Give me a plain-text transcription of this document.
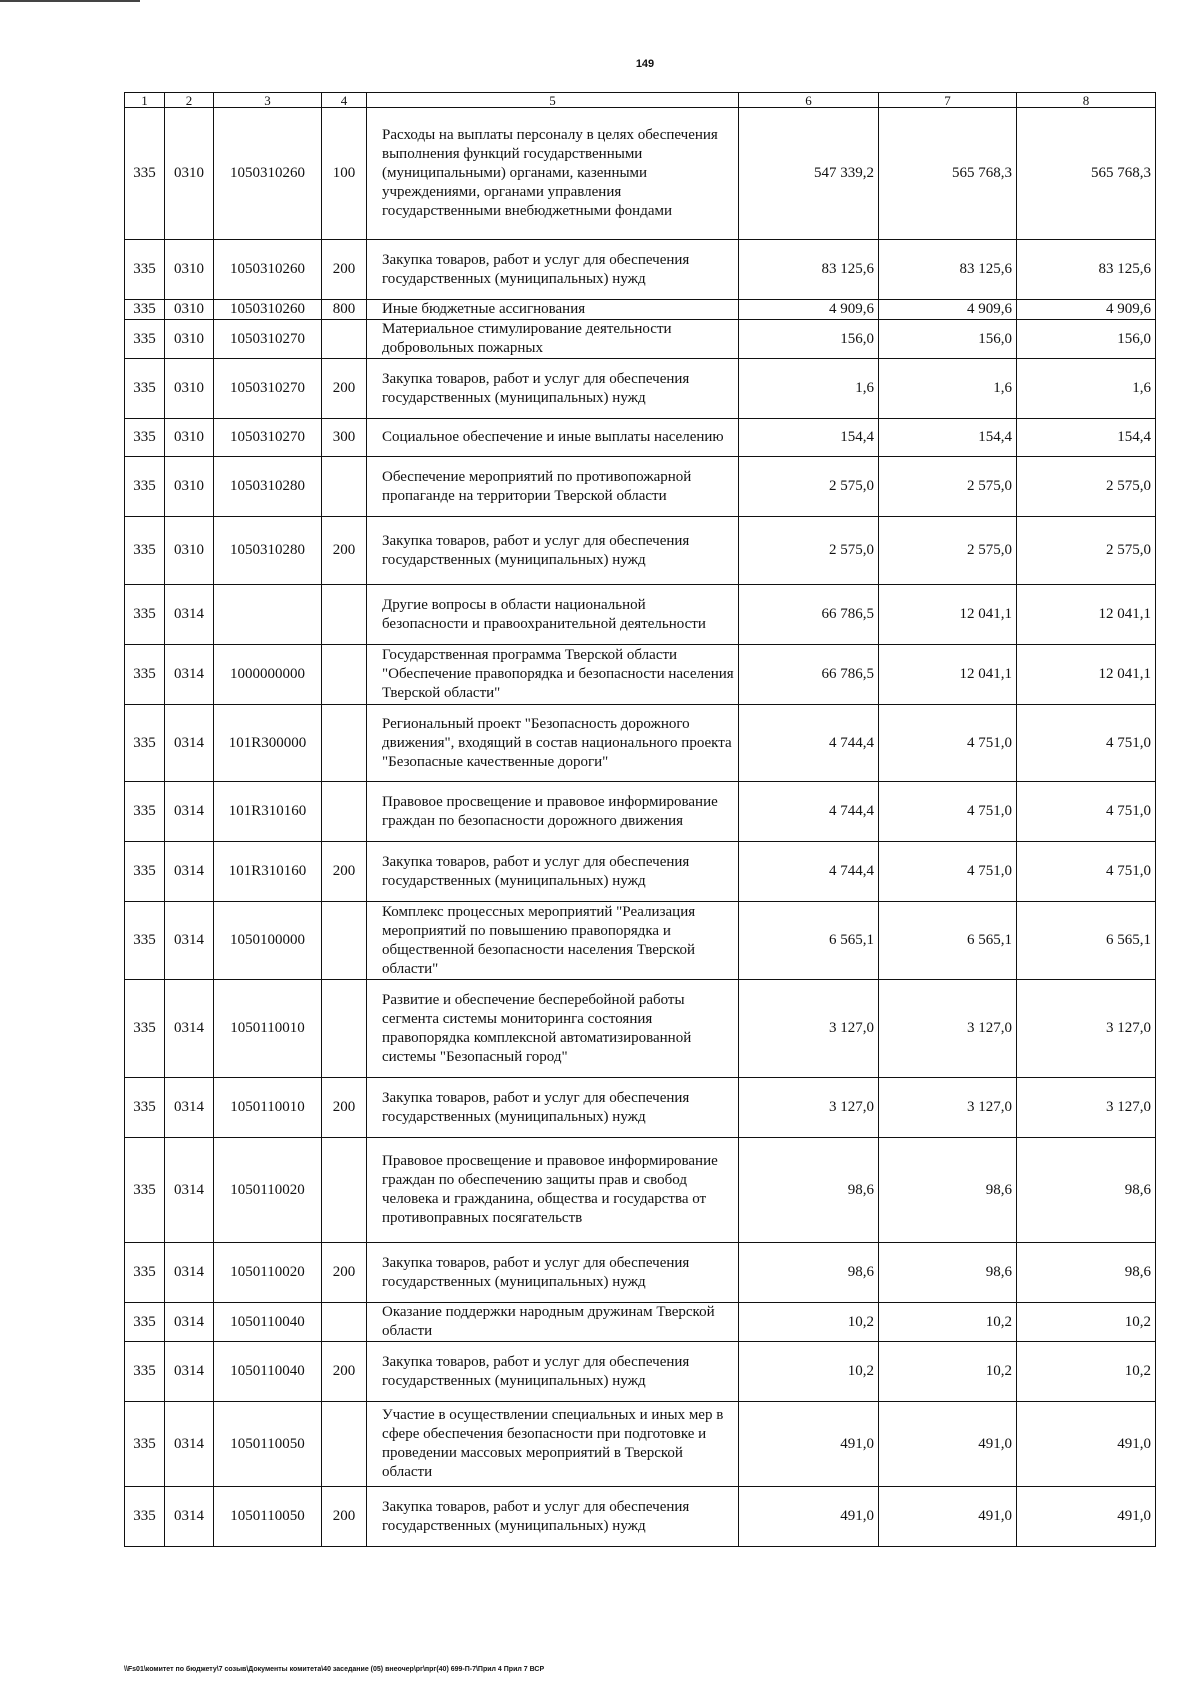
149
1	2	3	4	5	6	7	8
335	0310	1050310260	100	Расходы на выплаты персоналу в целях обеспечения выполнения функций государственными (муниципальными) органами, казенными учреждениями, органами управления государственными внебюджетными фондами	547 339,2	565 768,3	565 768,3
335	0310	1050310260	200	Закупка товаров, работ и услуг для обеспечения государственных (муниципальных) нужд	83 125,6	83 125,6	83 125,6
335	0310	1050310260	800	Иные бюджетные ассигнования	4 909,6	4 909,6	4 909,6
335	0310	1050310270		Материальное стимулирование деятельности добровольных пожарных	156,0	156,0	156,0
335	0310	1050310270	200	Закупка товаров, работ и услуг для обеспечения государственных (муниципальных) нужд	1,6	1,6	1,6
335	0310	1050310270	300	Социальное обеспечение и иные выплаты населению	154,4	154,4	154,4
335	0310	1050310280		Обеспечение мероприятий по противопожарной пропаганде на территории Тверской области	2 575,0	2 575,0	2 575,0
335	0310	1050310280	200	Закупка товаров, работ и услуг для обеспечения государственных (муниципальных) нужд	2 575,0	2 575,0	2 575,0
335	0314			Другие вопросы в области национальной безопасности и правоохранительной деятельности	66 786,5	12 041,1	12 041,1
335	0314	1000000000		Государственная программа Тверской области "Обеспечение правопорядка и безопасности населения Тверской области"	66 786,5	12 041,1	12 041,1
335	0314	101R300000		Региональный проект "Безопасность дорожного движения", входящий в состав национального проекта "Безопасные качественные дороги"	4 744,4	4 751,0	4 751,0
335	0314	101R310160		Правовое просвещение и правовое информирование граждан по безопасности дорожного движения	4 744,4	4 751,0	4 751,0
335	0314	101R310160	200	Закупка товаров, работ и услуг для обеспечения государственных (муниципальных) нужд	4 744,4	4 751,0	4 751,0
335	0314	1050100000		Комплекс процессных мероприятий "Реализация мероприятий по повышению правопорядка и общественной безопасности населения Тверской области"	6 565,1	6 565,1	6 565,1
335	0314	1050110010		Развитие и обеспечение бесперебойной работы сегмента системы мониторинга состояния правопорядка комплексной автоматизированной системы "Безопасный город"	3 127,0	3 127,0	3 127,0
335	0314	1050110010	200	Закупка товаров, работ и услуг для обеспечения государственных (муниципальных) нужд	3 127,0	3 127,0	3 127,0
335	0314	1050110020		Правовое просвещение и правовое информирование граждан по обеспечению защиты прав и свобод человека и гражданина, общества и государства от противоправных посягательств	98,6	98,6	98,6
335	0314	1050110020	200	Закупка товаров, работ и услуг для обеспечения государственных (муниципальных) нужд	98,6	98,6	98,6
335	0314	1050110040		Оказание поддержки народным дружинам Тверской области	10,2	10,2	10,2
335	0314	1050110040	200	Закупка товаров, работ и услуг для обеспечения государственных (муниципальных) нужд	10,2	10,2	10,2
335	0314	1050110050		Участие в осуществлении специальных и иных мер в сфере обеспечения безопасности при подготовке и проведении массовых мероприятий в Тверской области	491,0	491,0	491,0
335	0314	1050110050	200	Закупка товаров, работ и услуг для обеспечения государственных (муниципальных) нужд	491,0	491,0	491,0
\\Fs01\комитет по бюджету\7 созыв\Документы комитета\40 заседание (05) внеочер\рг\прг(40) 699-П-7\Прил 4 Прил 7 ВСР
